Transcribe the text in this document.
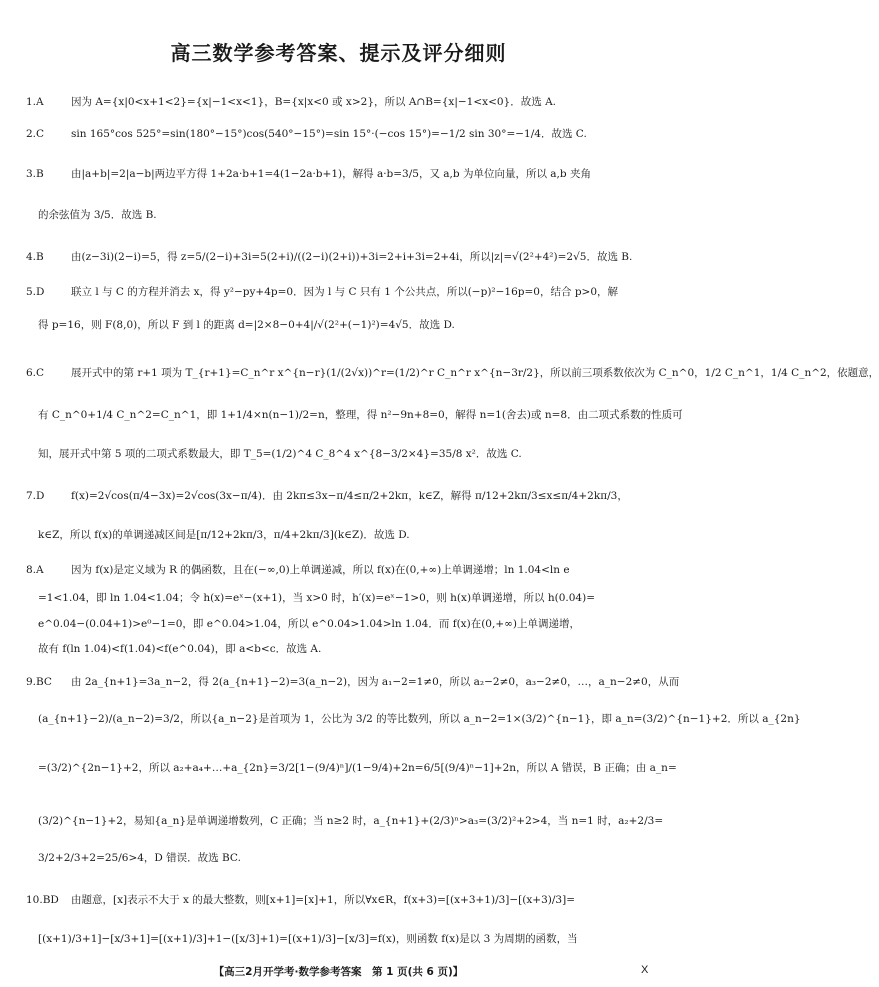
高三数学参考答案、提示及评分细则
1.A	因为 A={x|0<x+1<2}={x|−1<x<1}，B={x|x<0 或 x>2}，所以 A∩B={x|−1<x<0}．故选 A.
2.C	sin 165°cos 525°=sin(180°−15°)cos(540°−15°)=sin 15°·(−cos 15°)=−1/2 sin 30°=−1/4．故选 C.
3.B	由|a+b|=2|a−b|两边平方得 1+2a·b+1=4(1−2a·b+1)，解得 a·b=3/5，又 a,b 为单位向量，所以 a,b 夹角
的余弦值为 3/5．故选 B.
4.B	由(z−3i)(2−i)=5，得 z=5/(2−i)+3i=5(2+i)/((2−i)(2+i))+3i=2+i+3i=2+4i，所以|z|=√(2²+4²)=2√5．故选 B.
5.D	联立 l 与 C 的方程并消去 x，得 y²−py+4p=0．因为 l 与 C 只有 1 个公共点，所以(−p)²−16p=0，结合 p>0，解
得 p=16，则 F(8,0)，所以 F 到 l 的距离 d=|2×8−0+4|/√(2²+(−1)²)=4√5．故选 D.
6.C	展开式中的第 r+1 项为 T_{r+1}=C_n^r x^{n−r}(1/(2√x))^r=(1/2)^r C_n^r x^{n−3r/2}，所以前三项系数依次为 C_n^0，1/2 C_n^1，1/4 C_n^2，依题意，
有 C_n^0+1/4 C_n^2=C_n^1，即 1+1/4×n(n−1)/2=n，整理，得 n²−9n+8=0，解得 n=1(舍去)或 n=8．由二项式系数的性质可
知，展开式中第 5 项的二项式系数最大，即 T_5=(1/2)^4 C_8^4 x^{8−3/2×4}=35/8 x²．故选 C.
7.D	f(x)=2√cos(π/4−3x)=2√cos(3x−π/4)．由 2kπ≤3x−π/4≤π/2+2kπ，k∈Z，解得 π/12+2kπ/3≤x≤π/4+2kπ/3，
k∈Z，所以 f(x)的单调递减区间是[π/12+2kπ/3，π/4+2kπ/3](k∈Z)．故选 D.
8.A	因为 f(x)是定义域为 R 的偶函数，且在(−∞,0)上单调递减，所以 f(x)在(0,+∞)上单调递增；ln 1.04<ln e
=1<1.04，即 ln 1.04<1.04；令 h(x)=eˣ−(x+1)，当 x>0 时，h′(x)=eˣ−1>0，则 h(x)单调递增，所以 h(0.04)=
e^0.04−(0.04+1)>e⁰−1=0，即 e^0.04>1.04，所以 e^0.04>1.04>ln 1.04．而 f(x)在(0,+∞)上单调递增，
故有 f(ln 1.04)<f(1.04)<f(e^0.04)，即 a<b<c．故选 A.
9.BC 由 2a_{n+1}=3a_n−2，得 2(a_{n+1}−2)=3(a_n−2)，因为 a₁−2=1≠0，所以 a₂−2≠0，a₃−2≠0，…，a_n−2≠0，从而
(a_{n+1}−2)/(a_n−2)=3/2，所以{a_n−2}是首项为 1，公比为 3/2 的等比数列，所以 a_n−2=1×(3/2)^{n−1}，即 a_n=(3/2)^{n−1}+2．所以 a_{2n}
=(3/2)^{2n−1}+2，所以 a₂+a₄+…+a_{2n}=3/2[1−(9/4)ⁿ]/(1−9/4)+2n=6/5[(9/4)ⁿ−1]+2n，所以 A 错误，B 正确；由 a_n=
(3/2)^{n−1}+2，易知{a_n}是单调递增数列，C 正确；当 n≥2 时，a_{n+1}+(2/3)ⁿ>a₃=(3/2)²+2>4，当 n=1 时，a₂+2/3=
3/2+2/3+2=25/6>4，D 错误．故选 BC.
10.BD 由题意，[x]表示不大于 x 的最大整数，则[x+1]=[x]+1，所以∀x∈R，f(x+3)=[(x+3+1)/3]−[(x+3)/3]=
[(x+1)/3+1]−[x/3+1]=[(x+1)/3]+1−([x/3]+1)=[(x+1)/3]−[x/3]=f(x)，则函数 f(x)是以 3 为周期的函数，当
【高三2月开学考·数学参考答案　第 1 页(共 6 页)】	X
